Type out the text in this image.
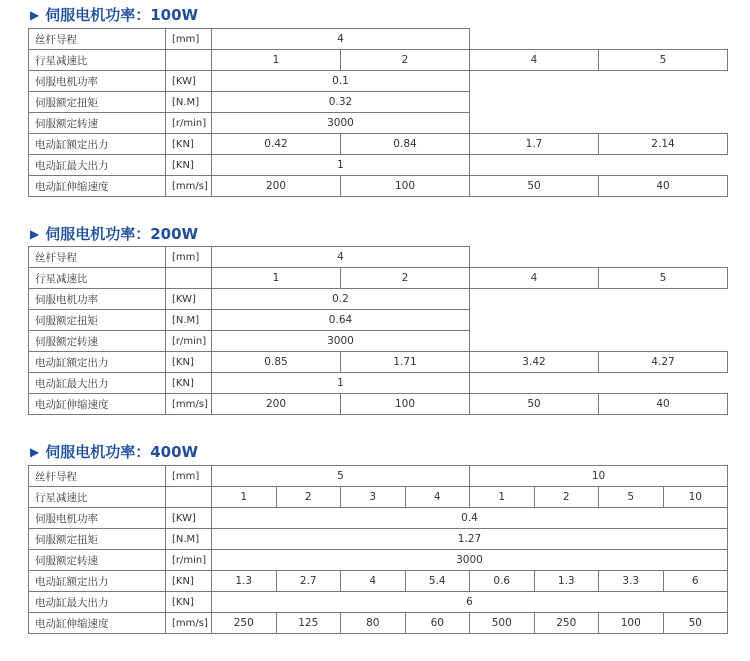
▶ 伺服电机功率：100W
丝杆导程	[mm]	4			
行星减速比		1	2	4	5
伺服电机功率	[KW]	0.1			
伺服额定扭矩	[N.M]	0.32			
伺服额定转速	[r/min]	3000			
电动缸额定出力	[KN]	0.42	0.84	1.7	2.14
电动缸最大出力	[KN]	1			
电动缸伸缩速度	[mm/s]	200	100	50	40
▶ 伺服电机功率：200W
丝杆导程	[mm]	4			
行星减速比		1	2	4	5
伺服电机功率	[KW]	0.2			
伺服额定扭矩	[N.M]	0.64			
伺服额定转速	[r/min]	3000			
电动缸额定出力	[KN]	0.85	1.71	3.42	4.27
电动缸最大出力	[KN]	1			
电动缸伸缩速度	[mm/s]	200	100	50	40
▶ 伺服电机功率：400W
丝杆导程	[mm]	5				10			
行星减速比		1	2	3	4	1	2	5	10
伺服电机功率	[KW]	0.4							
伺服额定扭矩	[N.M]	1.27							
伺服额定转速	[r/min]	3000							
电动缸额定出力	[KN]	1.3	2.7	4	5.4	0.6	1.3	3.3	6
电动缸最大出力	[KN]	6							
电动缸伸缩速度	[mm/s]	250	125	80	60	500	250	100	50
